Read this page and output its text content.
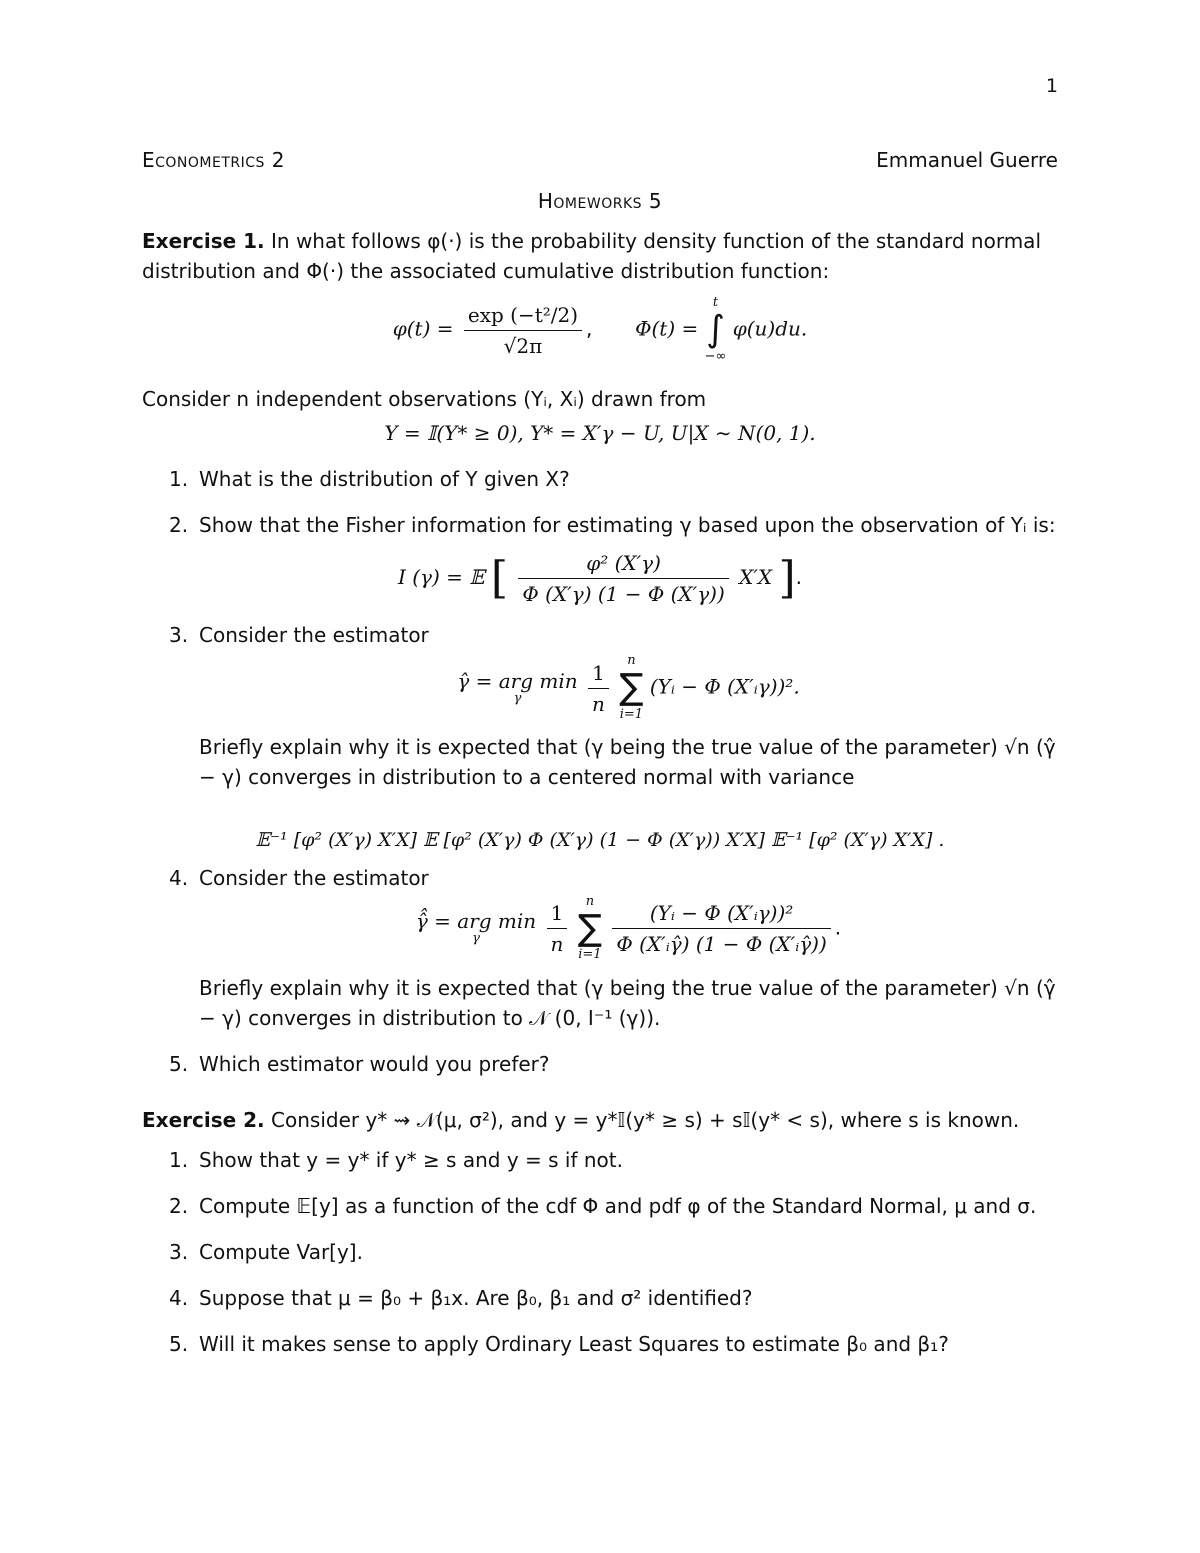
1
Econometrics 2	Emmanuel Guerre
Homeworks 5

Exercise 1. In what follows φ(·) is the probability density function of the standard normal distribution and Φ(·) the associated cumulative distribution function:

$\varphi(t) = \frac{\text{exp (−t²/2)}}{√2\pi}$ ,  Φ(t) =
t
∫
−∞
φ(u)du.

Consider n independent observations (Yᵢ, Xᵢ) drawn from

Y = 𝕀(Y* ≥ 0), Y* = X′γ − U, U|X ∼ N(0, 1).
1. What is the distribution of Y given X?
2. Show that the Fisher information for estimating γ based upon the observation of Yᵢ is:
I (γ) = 𝔼 [ $\frac{\text{φ² (X′γ)}}{\Phi (X'\gamma) (1 - \Phi (X'\gamma))} X'X$ ].
3. Consider the estimator
γ̂ = arg min
γ
	$\frac{1}{n}$
	n
∑
i=1
(Yᵢ − Φ (X′ᵢγ))².

Briefly explain why it is expected that (γ being the true value of the parameter) √n (γ̂ − γ) converges in distribution to a centered normal with variance

𝔼⁻¹ [φ² (X′γ) X′X] 𝔼 [φ² (X′γ) Φ (X′γ) (1 − Φ (X′γ)) X′X] 𝔼⁻¹ [φ² (X′γ) X′X] .
4. Consider the estimator
γ̂̂ = arg min
γ
	$\frac{1}{n}$
	n
∑
i=1
$\frac{\text{(Yᵢ − Φ (X′ᵢγ))²}}{\text{Φ (X′ᵢγ̂) (1 − Φ (X′ᵢγ̂))}}$ .

Briefly explain why it is expected that (γ being the true value of the parameter) √n (γ̂ − γ) converges in distribution to 𝒩 (0, I⁻¹ (γ)).

5. Which estimator would you prefer?

Exercise 2. Consider y* ⇝ 𝒩(μ, σ²), and y = y*𝕀(y* ≥ s) + s𝕀(y* < s), where s is known.

1. Show that y = y* if y* ≥ s and y = s if not.
2. Compute 𝔼[y] as a function of the cdf Φ and pdf φ of the Standard Normal, μ and σ.
3. Compute Var[y].
4. Suppose that μ = β₀ + β₁x. Are β₀, β₁ and σ² identified?
5. Will it makes sense to apply Ordinary Least Squares to estimate β₀ and β₁?
